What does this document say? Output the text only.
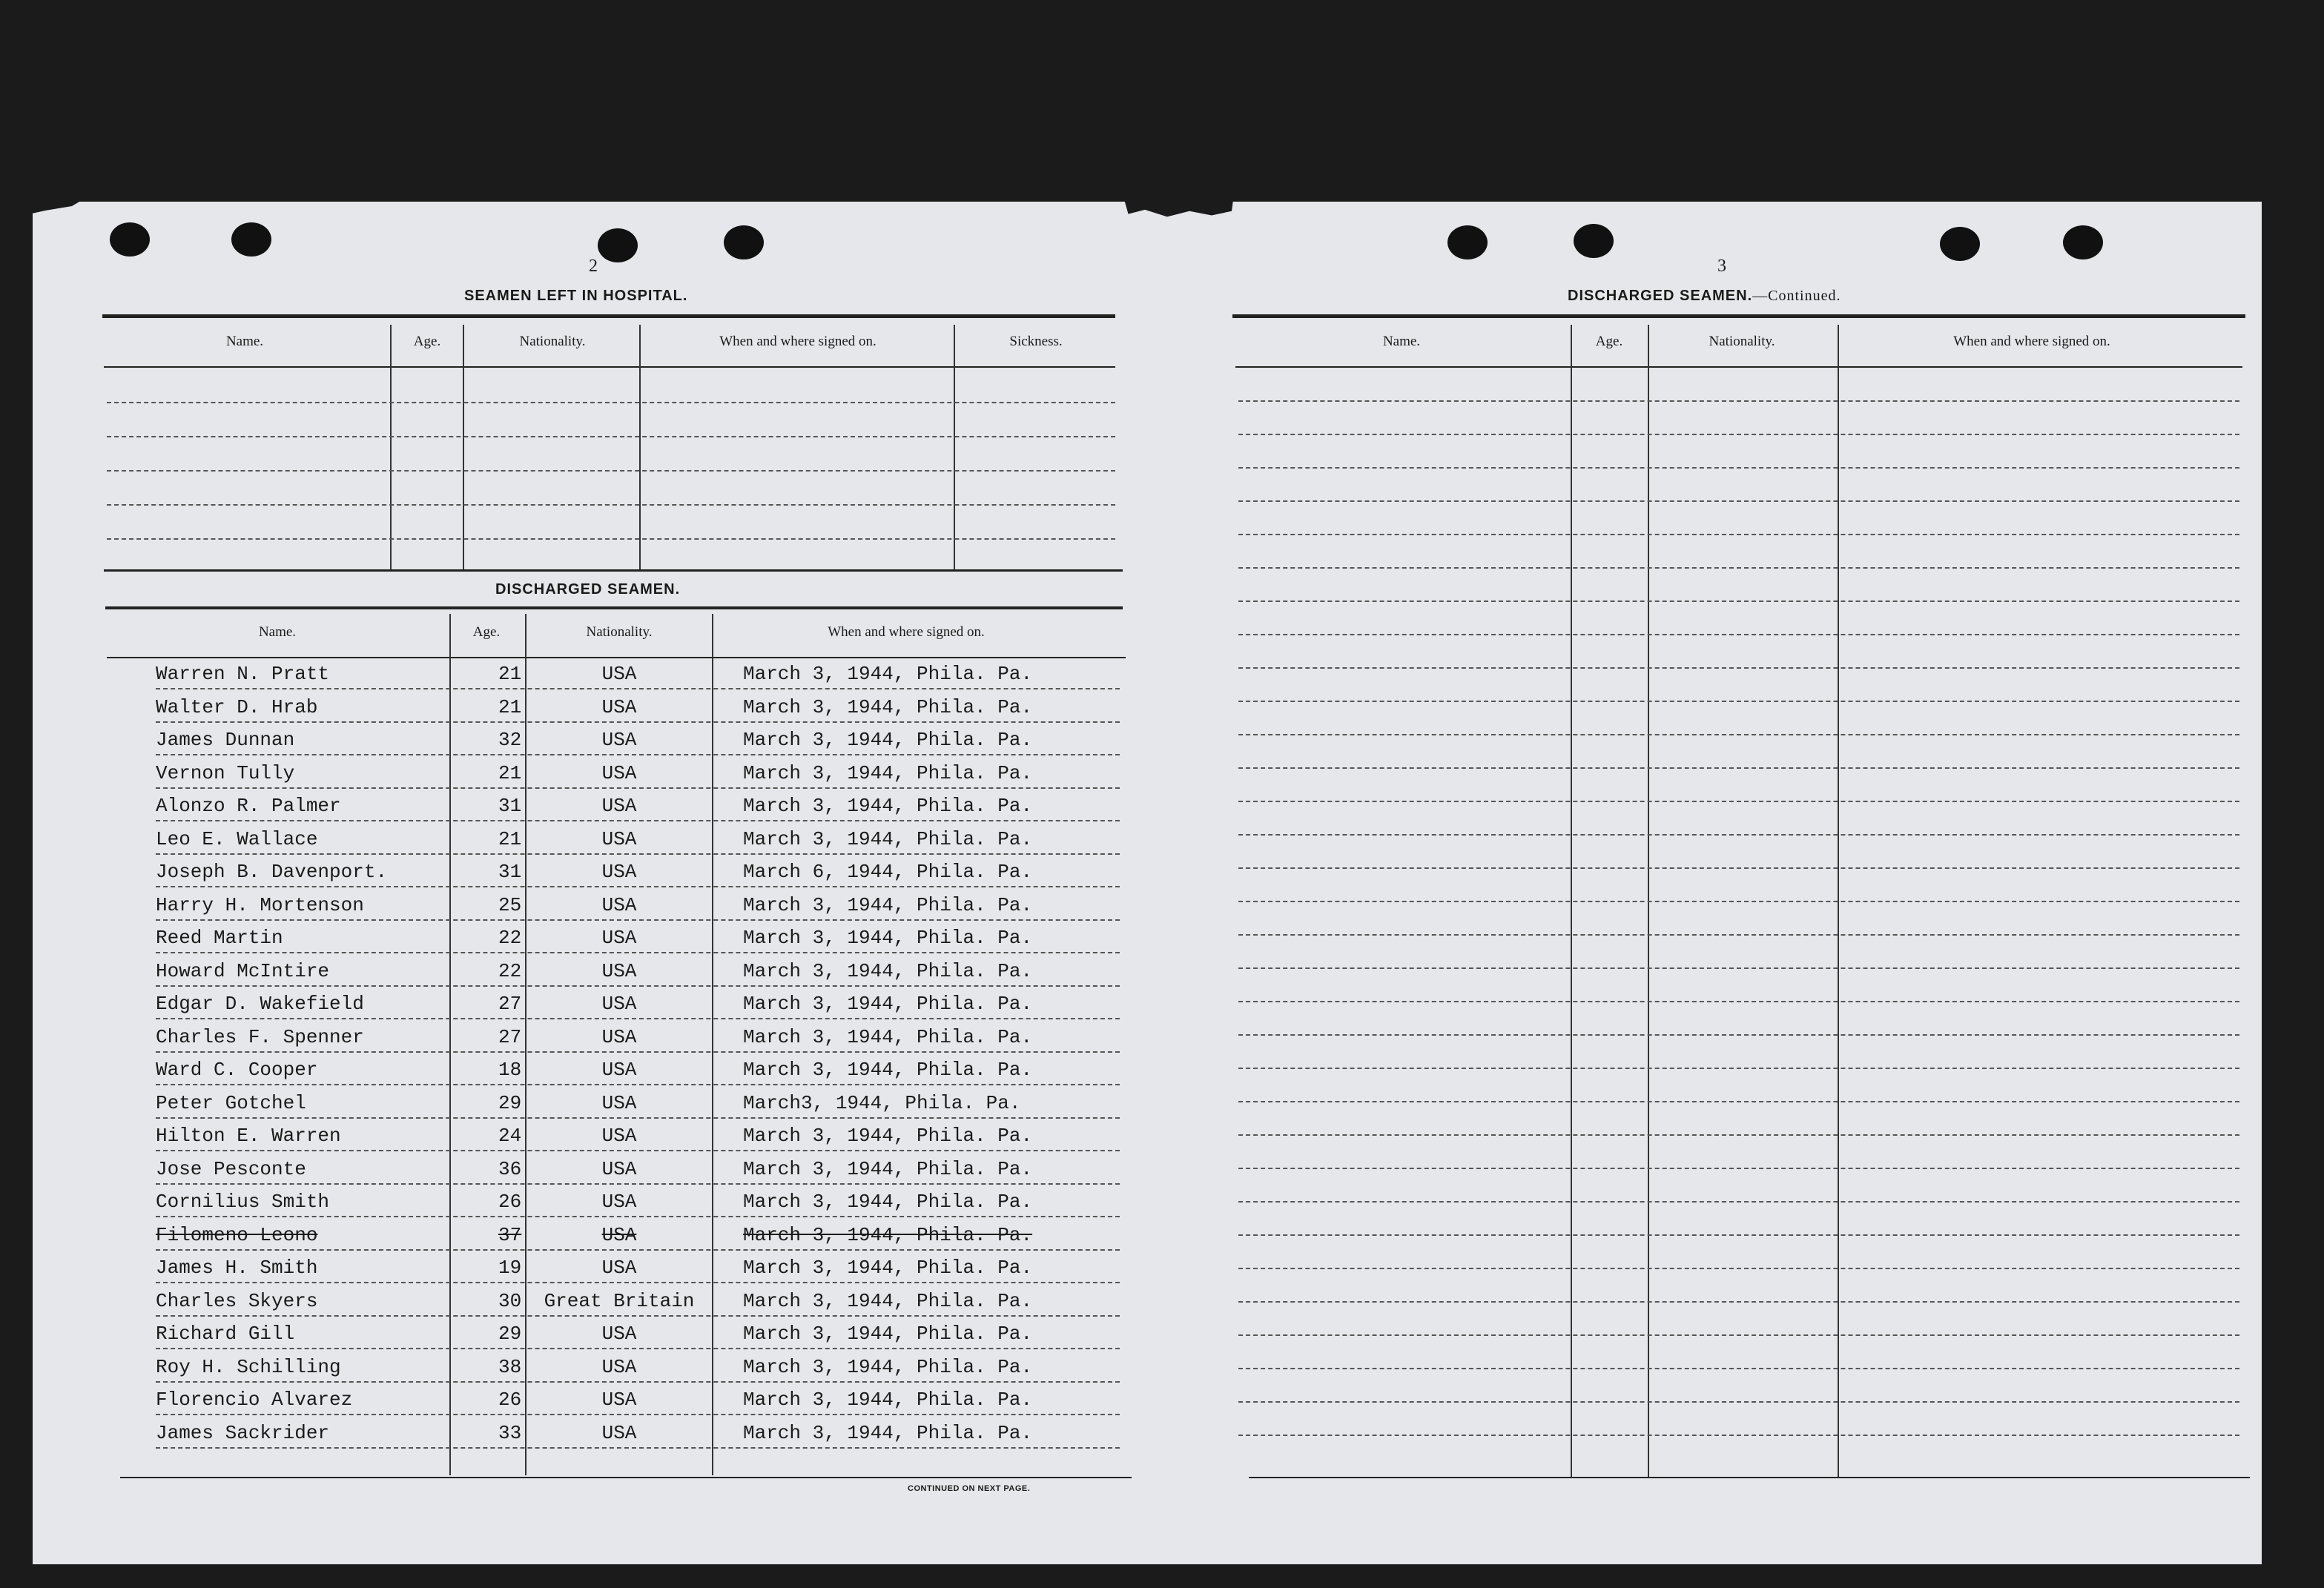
2
SEAMEN LEFT IN HOSPITAL.
Name.	Age.	Nationality.	When and where signed on.	Sickness.
DISCHARGED SEAMEN.
Name.	Age.	Nationality.	When and where signed on.
Warren N. Pratt	21	USA	March 3, 1944, Phila. Pa.
Walter D. Hrab	21	USA	March 3, 1944, Phila. Pa.
James Dunnan	32	USA	March 3, 1944, Phila. Pa.
Vernon Tully	21	USA	March 3, 1944, Phila. Pa.
Alonzo R. Palmer	31	USA	March 3, 1944, Phila. Pa.
Leo E. Wallace	21	USA	March 3, 1944, Phila. Pa.
Joseph B. Davenport.	31	USA	March 6, 1944, Phila. Pa.
Harry H. Mortenson	25	USA	March 3, 1944, Phila. Pa.
Reed Martin	22	USA	March 3, 1944, Phila. Pa.
Howard McIntire	22	USA	March 3, 1944, Phila. Pa.
Edgar D. Wakefield	27	USA	March 3, 1944, Phila. Pa.
Charles F. Spenner	27	USA	March 3, 1944, Phila. Pa.
Ward C. Cooper	18	USA	March 3, 1944, Phila. Pa.
Peter Gotchel	29	USA	March3, 1944, Phila. Pa.
Hilton E. Warren	24	USA	March 3, 1944, Phila. Pa.
Jose Pesconte	36	USA	March 3, 1944, Phila. Pa.
Cornilius Smith	26	USA	March 3, 1944, Phila. Pa.
Filomeno Leono	37	USA	March 3, 1944, Phila. Pa.
James H. Smith	19	USA	March 3, 1944, Phila. Pa.
Charles Skyers	30	Great Britain	March 3, 1944, Phila. Pa.
Richard Gill	29	USA	March 3, 1944, Phila. Pa.
Roy H. Schilling	38	USA	March 3, 1944, Phila. Pa.
Florencio Alvarez	26	USA	March 3, 1944, Phila. Pa.
James Sackrider	33	USA	March 3, 1944, Phila. Pa.
CONTINUED ON NEXT PAGE.
3
DISCHARGED SEAMEN.—Continued.
Name.	Age.	Nationality.	When and where signed on.
